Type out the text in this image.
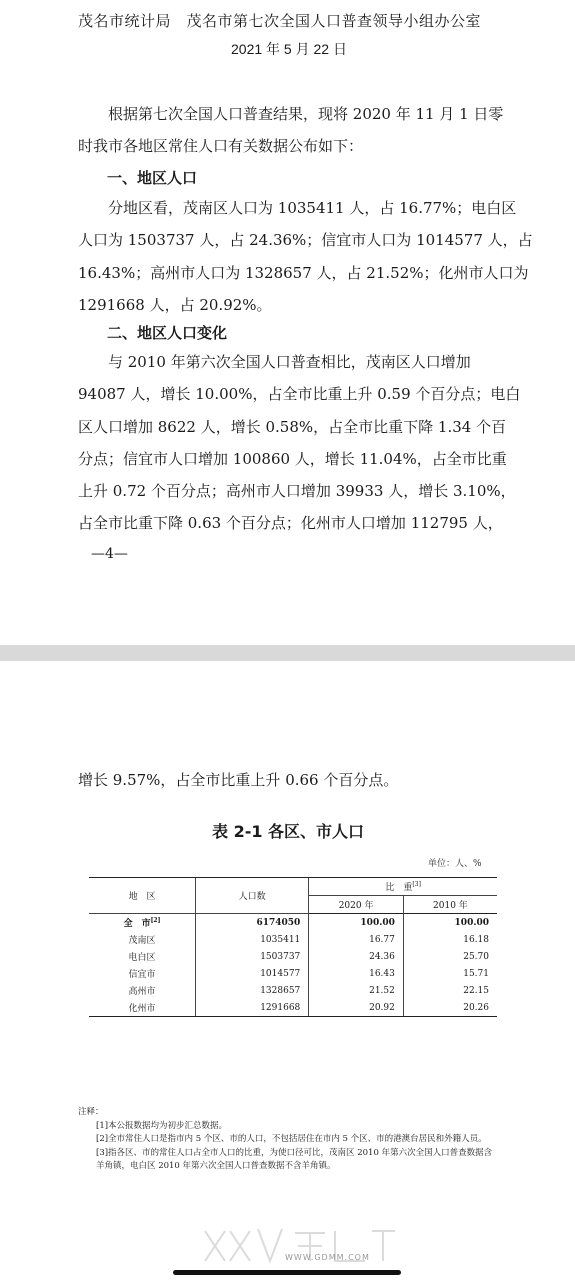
茂名市统计局　茂名市第七次全国人口普查领导小组办公室
2021 年 5 月 22 日
　　根据第七次全国人口普查结果，现将 2020 年 11 月 1 日零
时我市各地区常住人口有关数据公布如下：
一、地区人口
　　分地区看，茂南区人口为 1035411 人，占 16.77%；电白区
人口为 1503737 人，占 24.36%；信宜市人口为 1014577 人，占
16.43%；高州市人口为 1328657 人，占 21.52%；化州市人口为
1291668 人，占 20.92%。
二、地区人口变化
　　与 2010 年第六次全国人口普查相比，茂南区人口增加
94087 人，增长 10.00%，占全市比重上升 0.59 个百分点；电白
区人口增加 8622 人，增长 0.58%，占全市比重下降 1.34 个百
分点；信宜市人口增加 100860 人，增长 11.04%，占全市比重
上升 0.72 个百分点；高州市人口增加 39933 人，增长 3.10%，
占全市比重下降 0.63 个百分点；化州市人口增加 112795 人，
—4—
增长 9.57%，占全市比重上升 0.66 个百分点。
表 2-1 各区、市人口
单位：人、%
地　区	人口数	比　重[3]
		2020 年	2010 年
全　市[2]	6174050	100.00	100.00
茂南区	1035411	16.77	16.18
电白区	1503737	24.36	25.70
信宜市	1014577	16.43	15.71
高州市	1328657	21.52	22.15
化州市	1291668	20.92	20.26
注释：
[1]本公报数据均为初步汇总数据。
[2]全市常住人口是指市内 5 个区、市的人口，不包括居住在市内 5 个区、市的港澳台居民和外籍人员。
[3]指各区、市的常住人口占全市人口的比重，为使口径可比，茂南区 2010 年第六次全国人口普查数据含羊角镇，电白区 2010 年第六次全国人口普查数据不含羊角镇。
WWW.GDMM.COM
